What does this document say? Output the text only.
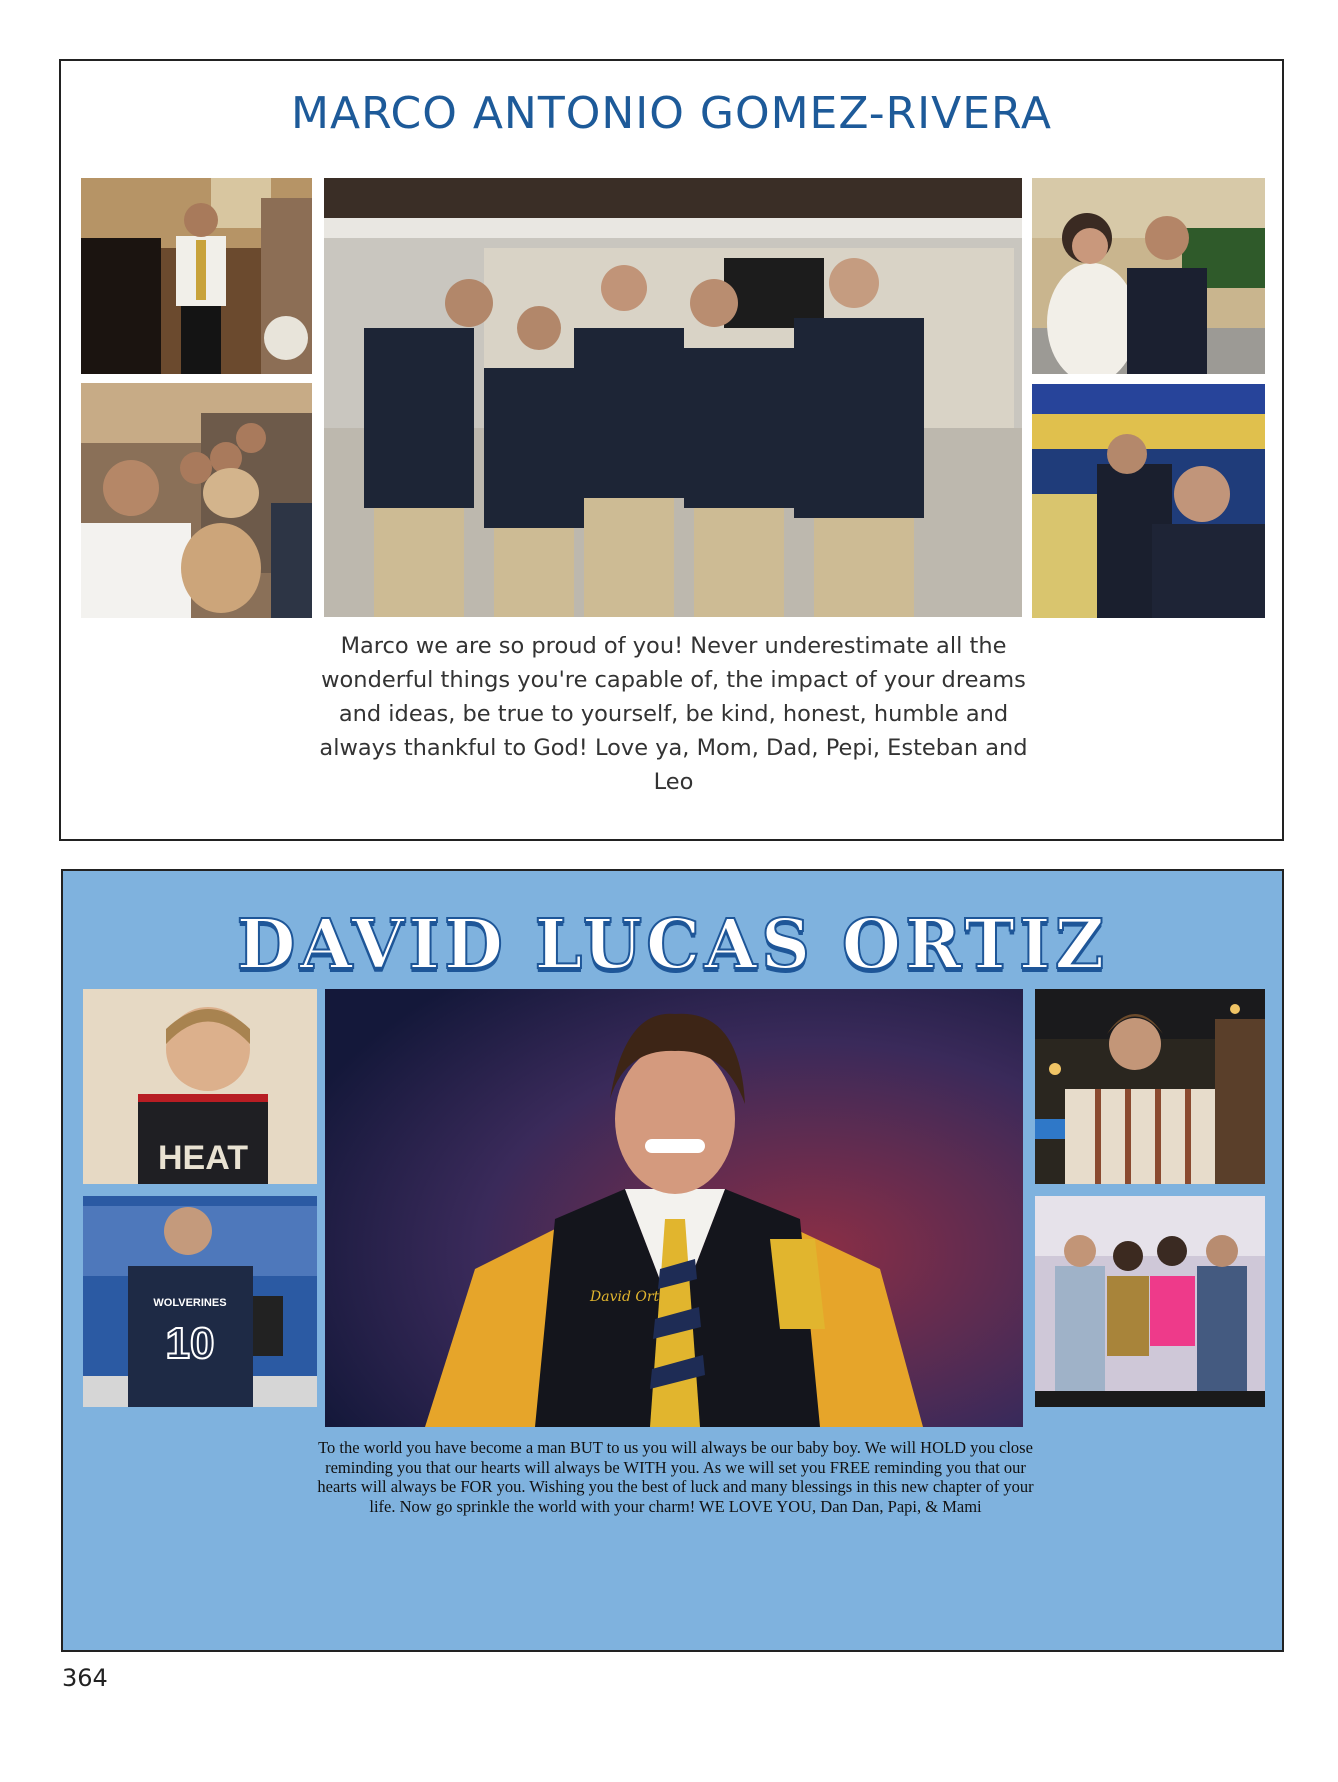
MARCO ANTONIO GOMEZ-RIVERA
Marco we are so proud of you! Never underestimate all the wonderful things you're capable of, the impact of your dreams and ideas, be true to yourself, be kind, honest, humble and always thankful to God! Love ya, Mom, Dad, Pepi, Esteban and Leo
DAVID LUCAS ORTIZ
HEAT
WOLVERINES
10
David Ort
To the world you have become a man BUT to us you will always be our baby boy. We will HOLD you close reminding you that our hearts will always be WITH you. As we will set you FREE reminding you that our hearts will always be FOR you. Wishing you the best of luck and many blessings in this new chapter of your life. Now go sprinkle the world with your charm! WE LOVE YOU, Dan Dan, Papi, & Mami
364
